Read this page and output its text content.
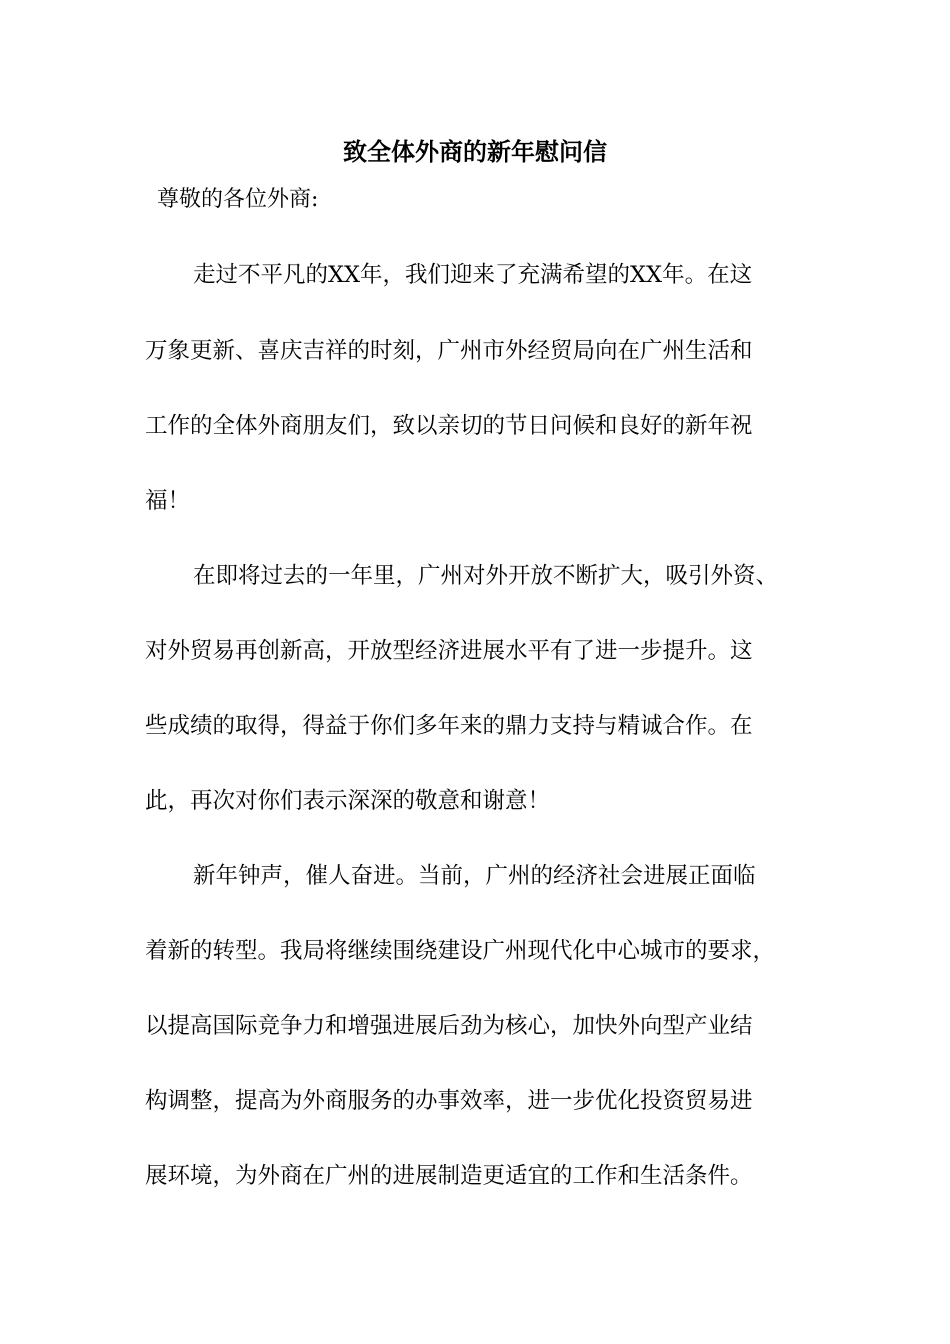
致全体外商的新年慰问信

尊敬的各位外商:

走过不平凡的XX年，我们迎来了充满希望的XX年。在这

万象更新、喜庆吉祥的时刻，广州市外经贸局向在广州生活和

工作的全体外商朋友们，致以亲切的节日问候和良好的新年祝

福！

在即将过去的一年里，广州对外开放不断扩大，吸引外资、

对外贸易再创新高，开放型经济进展水平有了进一步提升。这

些成绩的取得，得益于你们多年来的鼎力支持与精诚合作。在

此，再次对你们表示深深的敬意和谢意！

新年钟声，催人奋进。当前，广州的经济社会进展正面临

着新的转型。我局将继续围绕建设广州现代化中心城市的要求，

以提高国际竞争力和增强进展后劲为核心，加快外向型产业结

构调整，提高为外商服务的办事效率，进一步优化投资贸易进

展环境，为外商在广州的进展制造更适宜的工作和生活条件。
